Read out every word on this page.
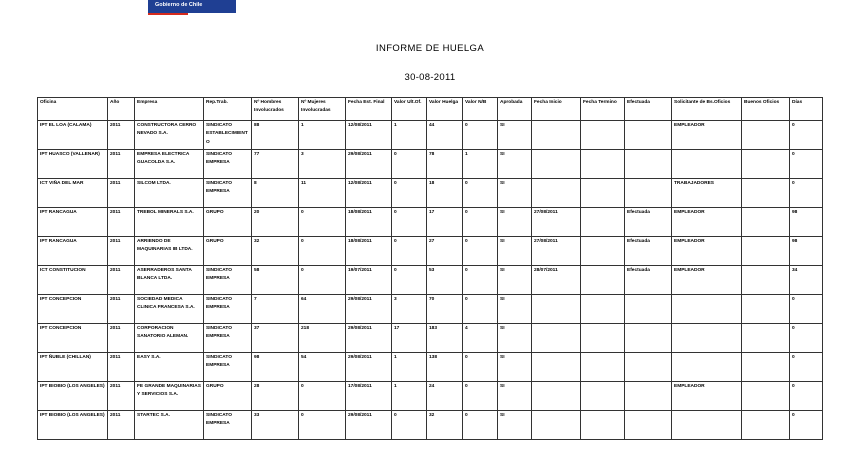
Gobierno de Chile
INFORME DE HUELGA
30-08-2011
Oficina	Año	Empresa	Rep.Trab.	Nº Hombres Involucrados	Nº Mujeres Involucradas	Fecha Est. Final	Valor Ult.Of.	Valor Huelga	Valor N/B	Aprobada	Fecha Inicio	Fecha Termino	Efectuada	Solicitante de Bs.Oficios	Buenos Oficios	Días
IPT EL LOA (CALAMA)	2011	CONSTRUCTORA CERRO NEVADO S.A.	SINDICATO ESTABLECIMIENTO	88	1	12/08/2011	1	44	0	SI				EMPLEADOR		0
IPT HUASCO (VALLENAR)	2011	EMPRESA ELECTRICA GUACOLDA S.A.	SINDICATO EMPRESA	77	3	29/08/2011	0	78	1	SI						0
ICT VIÑA DEL MAR	2011	SILCOM LTDA.	SINDICATO EMPRESA	8	11	12/08/2011	0	18	0	SI				TRABAJADORES		0
IPT RANCAGUA	2011	TREBOL MINERALS S.A.	GRUPO	20	0	18/08/2011	0	17	0	SI	27/08/2011		Efectuada	EMPLEADOR		98
IPT RANCAGUA	2011	ARRIENDO DE MAQUINARIAS IB LTDA.	GRUPO	32	0	18/08/2011	0	27	0	SI	27/08/2011		Efectuada	EMPLEADOR		98
ICT CONSTITUCION	2011	ASERRADEROS SANTA BLANCA LTDA.	SINDICATO EMPRESA	58	0	19/07/2011	0	53	0	SI	28/07/2011		Efectuada	EMPLEADOR		34
IPT CONCEPCION	2011	SOCIEDAD MEDICA CLINICA FRANCESA S.A.	SINDICATO EMPRESA	7	64	29/08/2011	3	70	0	SI						0
IPT CONCEPCION	2011	CORPORACION SANATORIO ALEMAN.	SINDICATO EMPRESA	37	218	29/08/2011	17	183	4	SI						0
IPT ÑUBLE (CHILLAN)	2011	EASY S.A.	SINDICATO EMPRESA	98	54	29/08/2011	1	138	0	SI						0
IPT BIOBIO (LOS ANGELES)	2011	FE GRANDE MAQUINARIAS Y SERVICIOS S.A.	GRUPO	28	0	17/08/2011	1	24	0	SI				EMPLEADOR		0
IPT BIOBIO (LOS ANGELES)	2011	STARTEC S.A.	SINDICATO EMPRESA	33	0	29/08/2011	0	32	0	SI						0
